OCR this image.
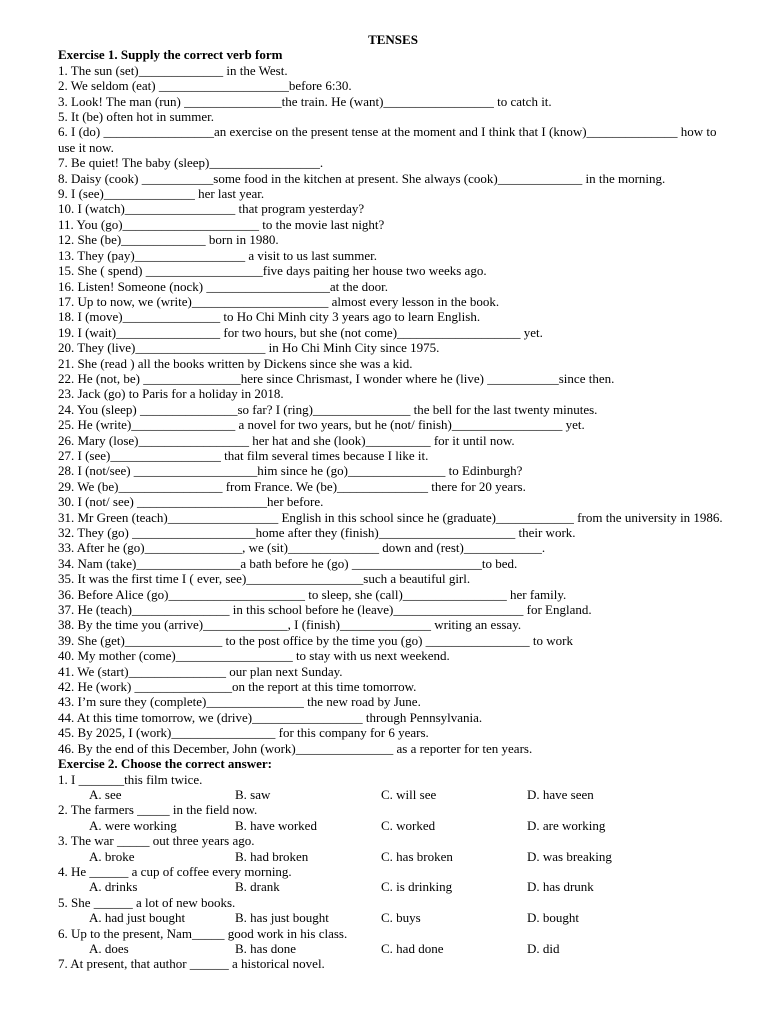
TENSES
Exercise 1. Supply the correct verb form
1. The sun (set)_____________ in the West.
2. We seldom (eat) ____________________before 6:30.
3. Look! The man (run) _______________the train. He (want)_________________ to catch it.
5. It (be) often hot in summer.
6. I (do) _________________an exercise on the present tense at the moment and I think that I (know)______________ how to use it now.
7. Be quiet! The baby (sleep)_________________.
8. Daisy (cook) ___________some food in the kitchen at present. She always (cook)_____________ in the morning.
9. I (see)______________ her last year.
10. I (watch)_________________ that program yesterday?
11. You (go)_____________________ to the movie last night?
12. She (be)_____________ born in 1980.
13. They (pay)_________________ a visit to us last summer.
15. She ( spend) __________________five days paiting her house two weeks ago.
16. Listen! Someone (nock) ___________________at the door.
17. Up to now, we (write)_____________________ almost every lesson in the book.
18. I (move)_______________ to Ho Chi Minh city 3 years ago to learn English.
19. I (wait)________________ for two hours, but she (not come)___________________ yet.
20. They (live)____________________ in Ho Chi Minh City since 1975.
21. She (read ) all the books written by Dickens since she was a kid.
22. He (not, be) _______________here since Chrismast, I wonder where he (live) ___________since then.
23. Jack (go) to Paris for a holiday in 2018.
24. You (sleep) _______________so far? I (ring)_______________ the bell for the last twenty minutes.
25. He (write)________________ a novel for two years, but he (not/ finish)_________________ yet.
26. Mary (lose)_________________ her hat and she (look)__________ for it until now.
27. I (see)_________________ that film several times because I like it.
28. I (not/see) ___________________him since he (go)_______________ to Edinburgh?
29. We (be)________________ from France. We (be)______________ there for 20 years.
30. I (not/ see) ____________________her before.
31. Mr Green (teach)_________________ English in this school since he (graduate)____________ from the university in 1986.
32. They (go) ___________________home after they (finish)_____________________ their work.
33. After he (go)_______________, we (sit)______________ down and (rest)____________.
34. Nam (take)________________a bath before he (go) ____________________to bed.
35. It was the first time I ( ever, see)__________________such a beautiful girl.
36. Before Alice (go)_____________________ to sleep, she (call)________________ her family.
37. He (teach)_______________ in this school before he (leave)____________________ for England.
38. By the time you (arrive)_____________, I (finish)______________ writing an essay.
39. She (get)_______________ to the post office by the time you (go) ________________ to work
40. My mother (come)__________________ to stay with us next weekend.
41. We (start)_______________ our plan next Sunday.
42. He (work) _______________on the report at this time tomorrow.
43. I’m sure they (complete)_______________ the new road by June.
44. At this time tomorrow, we (drive)_________________ through Pennsylvania.
45. By 2025, I (work)________________ for this company for 6 years.
46. By the end of this December, John (work)_______________ as a reporter for ten years.
Exercise 2. Choose the correct answer:
1. I _______this film twice.
A. see	B. saw	C. will see	D. have seen
2. The farmers _____ in the field now.
A. were working	B. have worked	C. worked	D. are working
3. The war _____ out three years ago.
A. broke	B. had broken	C. has broken	D. was breaking
4. He ______ a cup of coffee every morning.
A. drinks	B. drank	C. is drinking	D. has drunk
5. She ______ a lot of new books.
A. had just bought	B. has just bought	C. buys	D. bought
6. Up to the present, Nam_____ good work in his class.
A. does	B. has done	C. had done	D. did
7. At present, that author ______ a historical novel.
